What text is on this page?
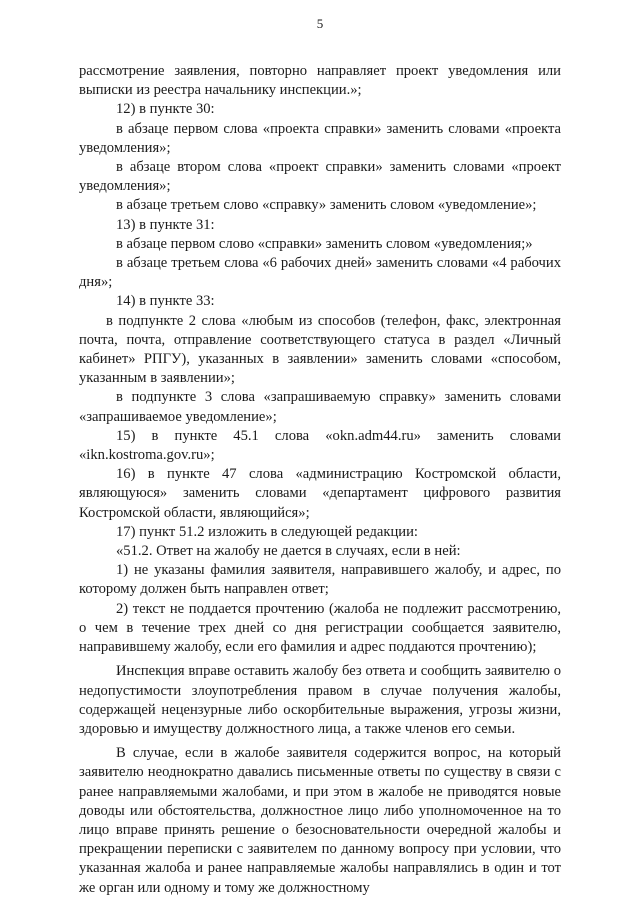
5

рассмотрение заявления, повторно направляет проект уведомления или выписки из реестра начальнику инспекции.»;

12) в пункте 30:

в абзаце первом слова «проекта справки» заменить словами «проекта уведомления»;

в абзаце втором слова «проект справки» заменить словами «проект уведомления»;

в абзаце третьем слово «справку» заменить словом «уведомление»;

13) в пункте 31:

в абзаце первом слово «справки» заменить словом «уведомления;»

в абзаце третьем слова «6 рабочих дней» заменить словами «4 рабочих дня»;

14) в пункте 33:

в подпункте 2 слова «любым из способов (телефон, факс, электронная почта, почта, отправление соответствующего статуса в раздел «Личный кабинет» РПГУ), указанных в заявлении» заменить словами «способом, указанным в заявлении»;

в подпункте 3 слова «запрашиваемую справку» заменить словами «запрашиваемое уведомление»;

15) в пункте 45.1 слова «okn.adm44.ru» заменить словами «ikn.kostroma.gov.ru»;

16) в пункте 47 слова «администрацию Костромской области, являющуюся» заменить словами «департамент цифрового развития Костромской области, являющийся»;

17) пункт 51.2 изложить в следующей редакции:

«51.2. Ответ на жалобу не дается в случаях, если в ней:

1) не указаны фамилия заявителя, направившего жалобу, и адрес, по которому должен быть направлен ответ;

2) текст не поддается прочтению (жалоба не подлежит рассмотрению, о чем в течение трех дней со дня регистрации сообщается заявителю, направившему жалобу, если его фамилия и адрес поддаются прочтению);

Инспекция вправе оставить жалобу без ответа и сообщить заявителю о недопустимости злоупотребления правом в случае получения жалобы, содержащей нецензурные либо оскорбительные выражения, угрозы жизни, здоровью и имуществу должностного лица, а также членов его семьи.

В случае, если в жалобе заявителя содержится вопрос, на который заявителю неоднократно давались письменные ответы по существу в связи с ранее направляемыми жалобами, и при этом в жалобе не приводятся новые доводы или обстоятельства, должностное лицо либо уполномоченное на то лицо вправе принять решение о безосновательности очередной жалобы и прекращении переписки с заявителем по данному вопросу при условии, что указанная жалоба и ранее направляемые жалобы направлялись в один и тот же орган или одному и тому же должностному
